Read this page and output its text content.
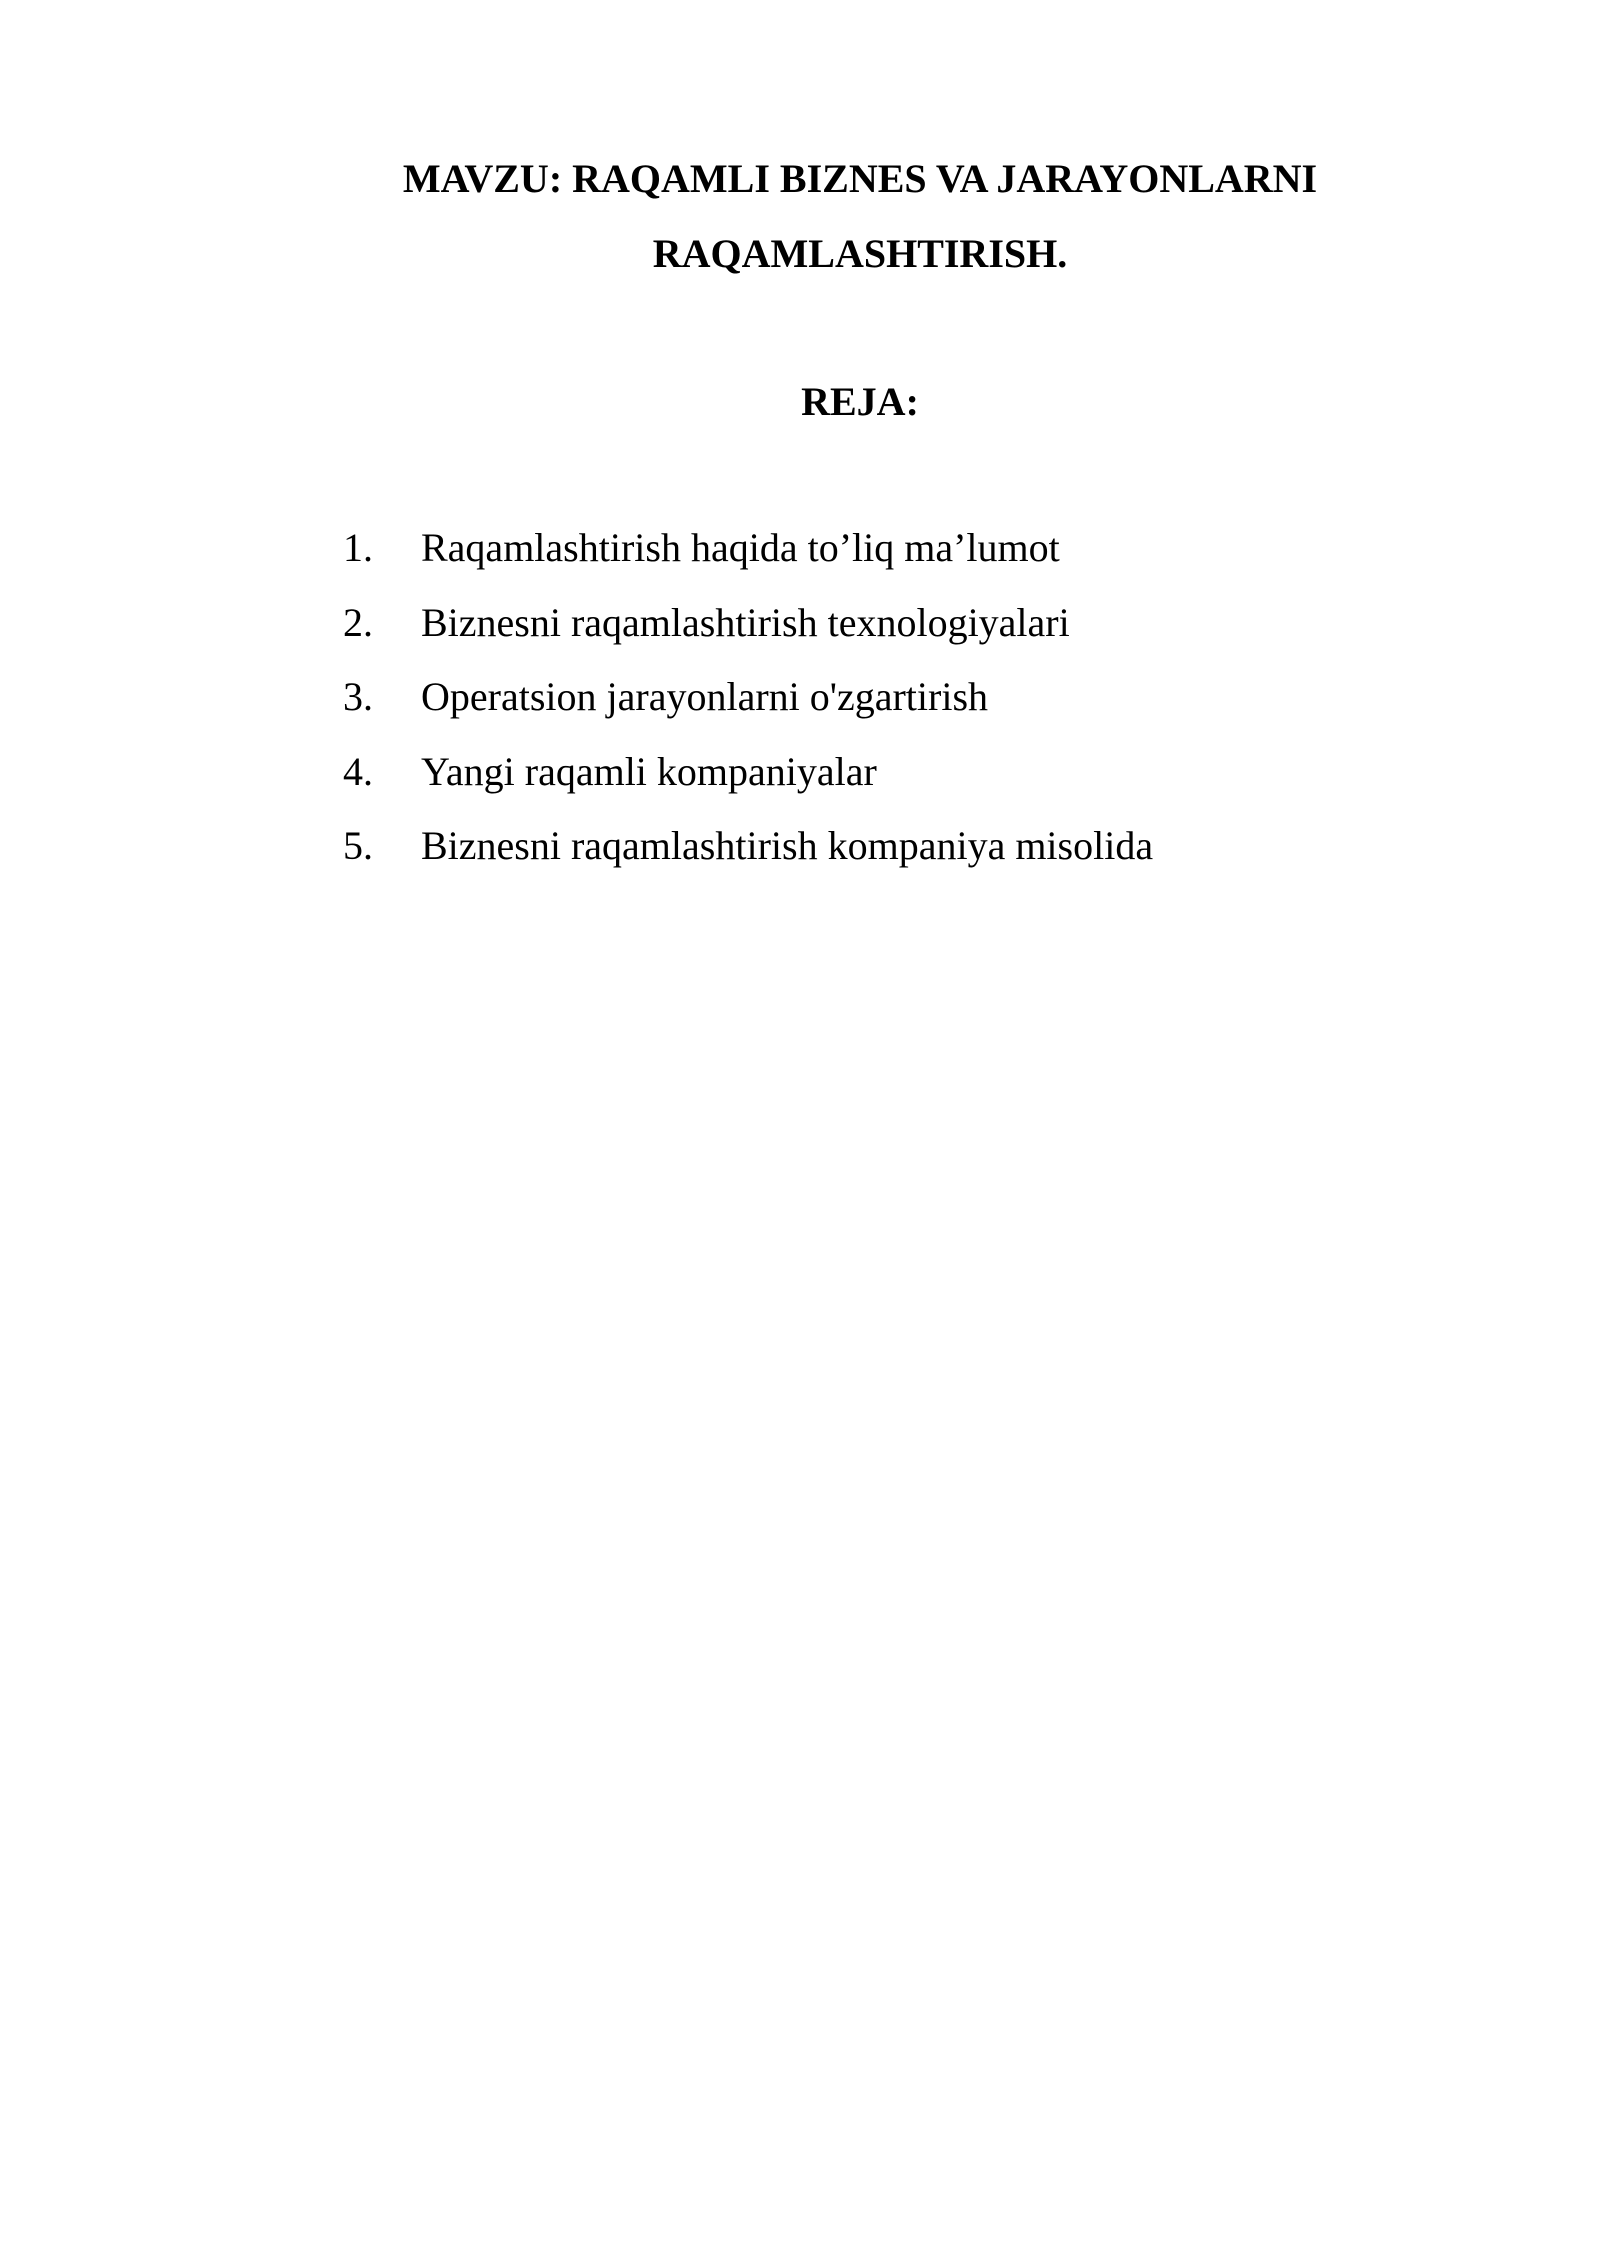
MAVZU: RAQAMLI BIZNES VA JARAYONLARNI
RAQAMLASHTIRISH.
REJA:
1.	Raqamlashtirish haqida to’liq ma’lumot
2.	Biznesni raqamlashtirish texnologiyalari
3.	Operatsion jarayonlarni o'zgartirish
4.	Yangi raqamli kompaniyalar
5.	Biznesni raqamlashtirish kompaniya misolida
